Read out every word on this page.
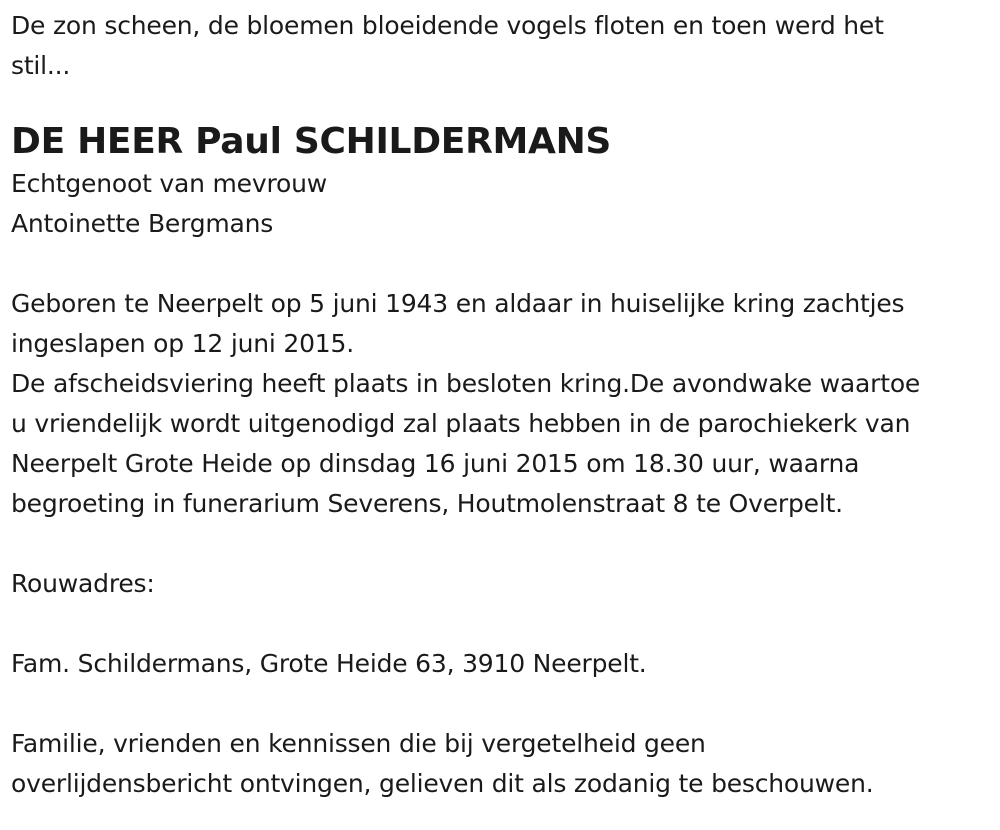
De zon scheen, de bloemen bloeidende vogels floten en toen werd het
stil...
DE HEER Paul SCHILDERMANS
Echtgenoot van mevrouw
Antoinette Bergmans
Geboren te Neerpelt op 5 juni 1943 en aldaar in huiselijke kring zachtjes
ingeslapen op 12 juni 2015.
De afscheidsviering heeft plaats in besloten kring.De avondwake waartoe
u vriendelijk wordt uitgenodigd zal plaats hebben in de parochiekerk van
Neerpelt Grote Heide op dinsdag 16 juni 2015 om 18.30 uur, waarna
begroeting in funerarium Severens, Houtmolenstraat 8 te Overpelt.
Rouwadres:
Fam. Schildermans, Grote Heide 63, 3910 Neerpelt.
Familie, vrienden en kennissen die bij vergetelheid geen
overlijdensbericht ontvingen, gelieven dit als zodanig te beschouwen.
